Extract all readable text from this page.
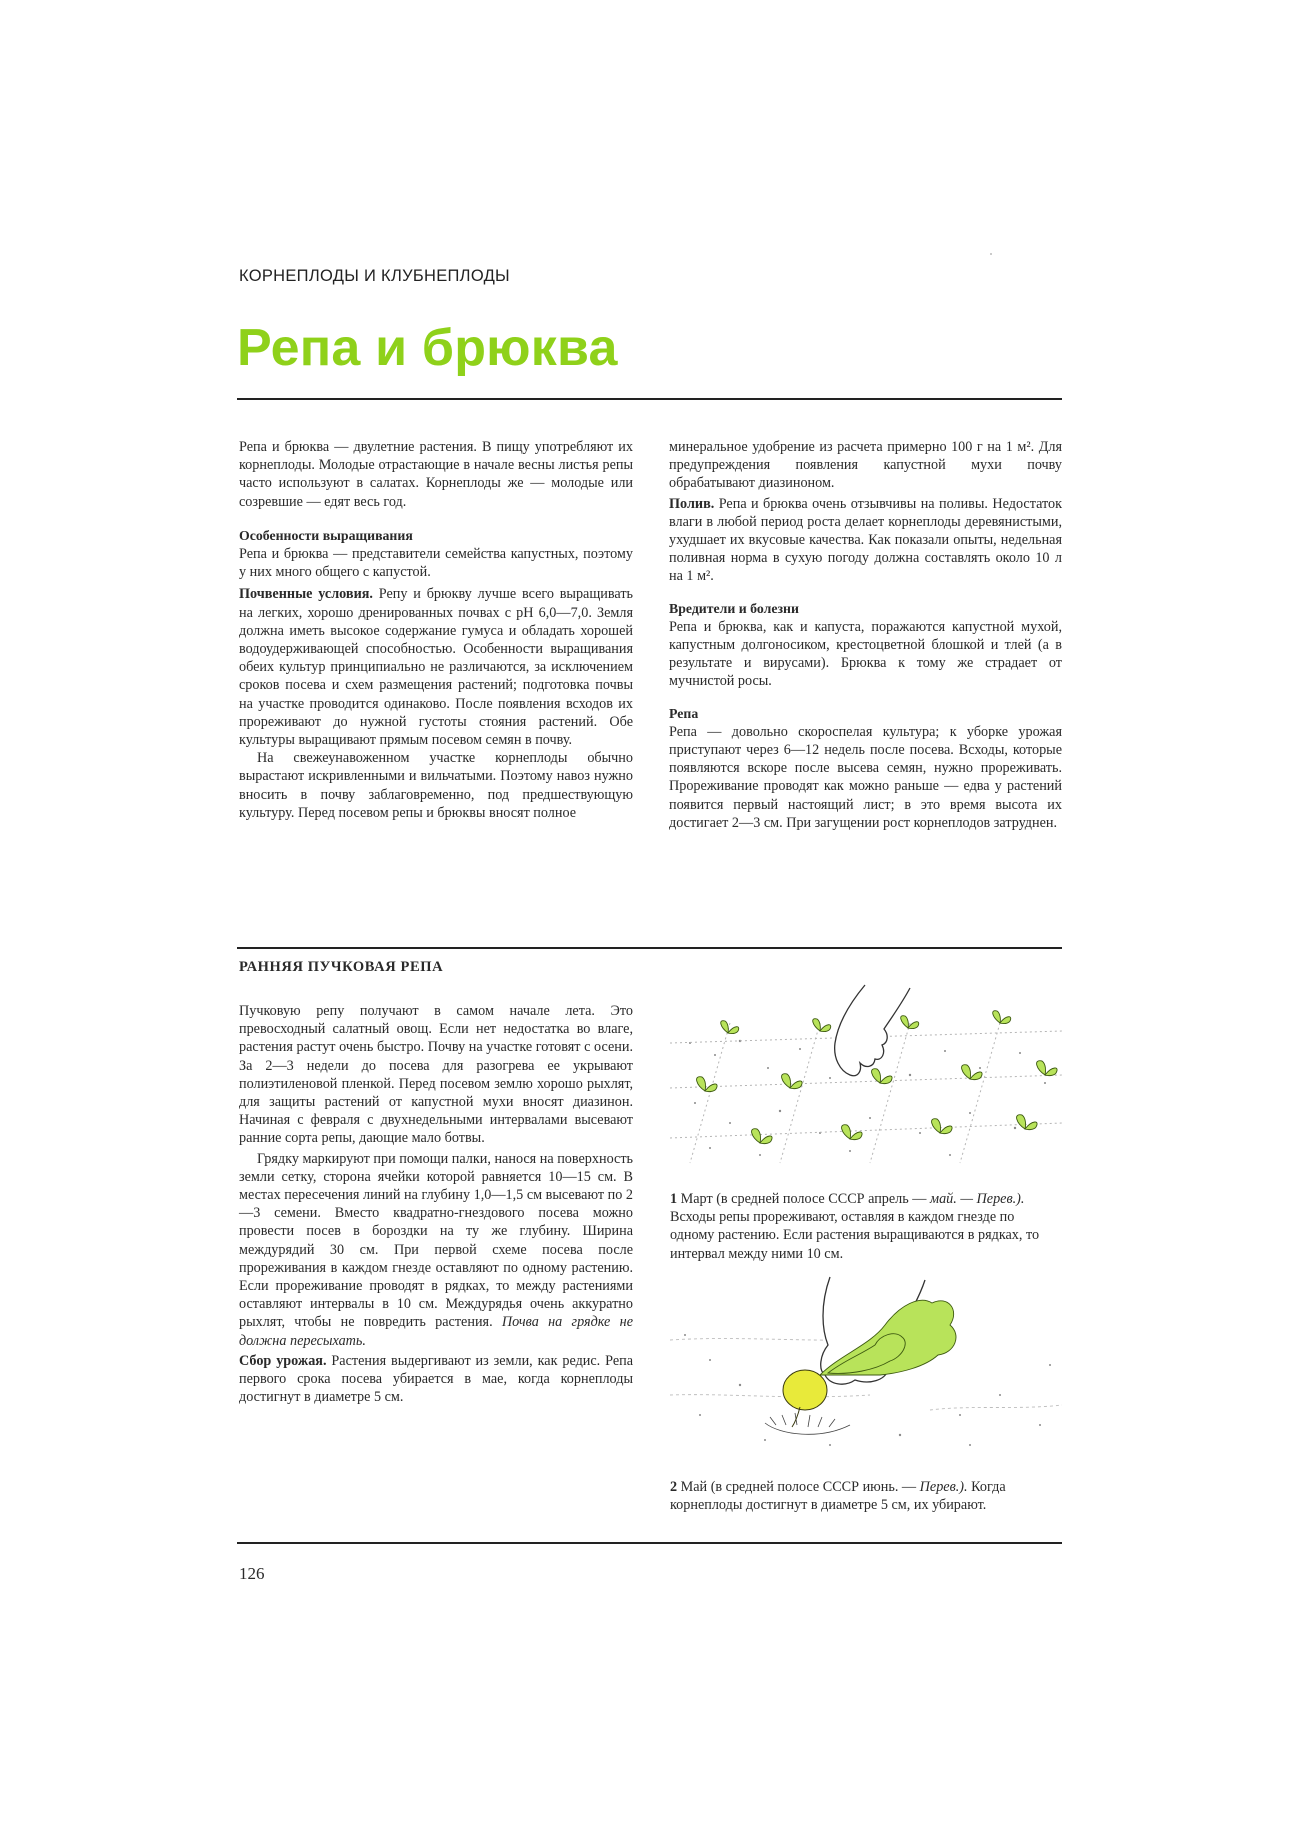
КОРНЕПЛОДЫ И КЛУБНЕПЛОДЫ
Репа и брюква

Репа и брюква — двулетние растения. В пищу употребляют их корнеплоды. Молодые отрастающие в начале весны листья репы часто используют в салатах. Корнеплоды же — молодые или созревшие — едят весь год.

Особенности выращивания

Репа и брюква — представители семейства капустных, поэтому у них много общего с капустой.

Почвенные условия. Репу и брюкву лучше всего выращивать на легких, хорошо дренированных почвах с pH 6,0—7,0. Земля должна иметь высокое содержание гумуса и обладать хорошей водоудерживающей способностью. Особенности выращивания обеих культур принципиально не различаются, за исключением сроков посева и схем размещения растений; подготовка почвы на участке проводится одинаково. После появления всходов их прореживают до нужной густоты стояния растений. Обе культуры выращивают прямым посевом семян в почву.

На свежеунавоженном участке корнеплоды обычно вырастают искривленными и вильчатыми. Поэтому навоз нужно вносить в почву заблаговременно, под предшествующую культуру. Перед посевом репы и брюквы вносят полное

минеральное удобрение из расчета примерно 100 г на 1 м². Для предупреждения появления капустной мухи почву обрабатывают диазиноном.

Полив. Репа и брюква очень отзывчивы на поливы. Недостаток влаги в любой период роста делает корнеплоды деревянистыми, ухудшает их вкусовые качества. Как показали опыты, недельная поливная норма в сухую погоду должна составлять около 10 л на 1 м².

Вредители и болезни

Репа и брюква, как и капуста, поражаются капустной мухой, капустным долгоносиком, крестоцветной блошкой и тлей (а в результате и вирусами). Брюква к тому же страдает от мучнистой росы.

Репа

Репа — довольно скороспелая культура; к уборке урожая приступают через 6—12 недель после посева. Всходы, которые появляются вскоре после высева семян, нужно прореживать. Прореживание проводят как можно раньше — едва у растений появится первый настоящий лист; в это время высота их достигает 2—3 см. При загущении рост корнеплодов затруднен.

РАННЯЯ ПУЧКОВАЯ РЕПА

Пучковую репу получают в самом начале лета. Это превосходный салатный овощ. Если нет недостатка во влаге, растения растут очень быстро. Почву на участке готовят с осени. За 2—3 недели до посева для разогрева ее укрывают полиэтиленовой пленкой. Перед посевом землю хорошо рыхлят, для защиты растений от капустной мухи вносят диазинон. Начиная с февраля с двухнедельными интервалами высевают ранние сорта репы, дающие мало ботвы.

Грядку маркируют при помощи палки, нанося на поверхность земли сетку, сторона ячейки которой равняется 10—15 см. В местах пересечения линий на глубину 1,0—1,5 см высевают по 2—3 семени. Вместо квадратно-гнездового посева можно провести посев в бороздки на ту же глубину. Ширина междурядий 30 см. При первой схеме посева после прореживания в каждом гнезде оставляют по одному растению. Если прореживание проводят в рядках, то между растениями оставляют интервалы в 10 см. Междурядья очень аккуратно рыхлят, чтобы не повредить растения. Почва на грядке не должна пересыхать.

Сбор урожая. Растения выдергивают из земли, как редис. Репа первого срока посева убирается в мае, когда корнеплоды достигнут в диаметре 5 см.

1 Март (в средней полосе СССР апрель — май. — Перев.). Всходы репы прореживают, оставляя в каждом гнезде по одному растению. Если растения выращиваются в рядках, то интервал между ними 10 см.
2 Май (в средней полосе СССР июнь. — Перев.). Когда корнеплоды достигнут в диаметре 5 см, их убирают.
126
